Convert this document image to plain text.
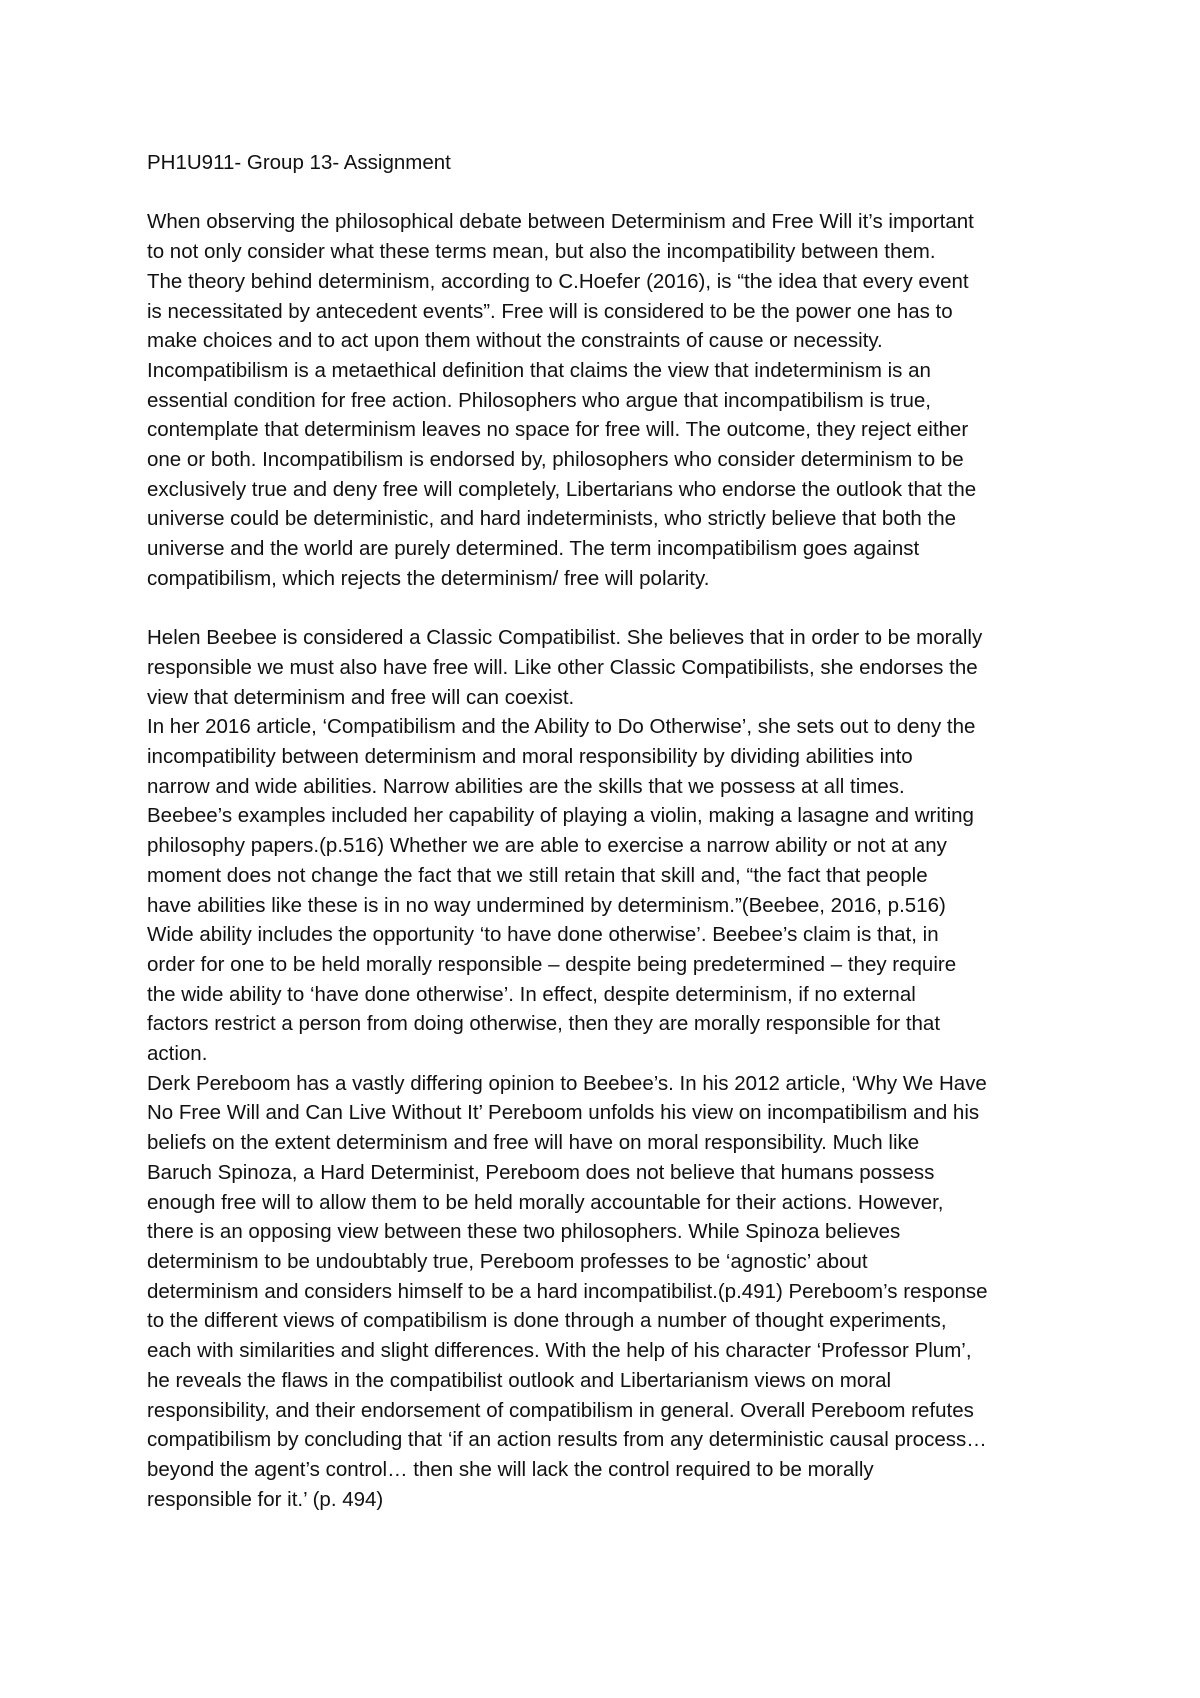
PH1U911- Group 13- Assignment
When observing the philosophical debate between Determinism and Free Will it’s important
to not only consider what these terms mean, but also the incompatibility between them.
The theory behind determinism, according to C.Hoefer (2016), is “the idea that every event
is necessitated by antecedent events”. Free will is considered to be the power one has to
make choices and to act upon them without the constraints of cause or necessity.
Incompatibilism is a metaethical definition that claims the view that indeterminism is an
essential condition for free action. Philosophers who argue that incompatibilism is true,
contemplate that determinism leaves no space for free will. The outcome, they reject either
one or both. Incompatibilism is endorsed by, philosophers who consider determinism to be
exclusively true and deny free will completely, Libertarians who endorse the outlook that the
universe could be deterministic, and hard indeterminists, who strictly believe that both the
universe and the world are purely determined. The term incompatibilism goes against
compatibilism, which rejects the determinism/ free will polarity.
Helen Beebee is considered a Classic Compatibilist. She believes that in order to be morally
responsible we must also have free will. Like other Classic Compatibilists, she endorses the
view that determinism and free will can coexist.
In her 2016 article, ‘Compatibilism and the Ability to Do Otherwise’, she sets out to deny the
incompatibility between determinism and moral responsibility by dividing abilities into
narrow and wide abilities. Narrow abilities are the skills that we possess at all times.
Beebee’s examples included her capability of playing a violin, making a lasagne and writing
philosophy papers.(p.516) Whether we are able to exercise a narrow ability or not at any
moment does not change the fact that we still retain that skill and, “the fact that people
have abilities like these is in no way undermined by determinism.”(Beebee, 2016, p.516)
Wide ability includes the opportunity ‘to have done otherwise’. Beebee’s claim is that, in
order for one to be held morally responsible – despite being predetermined – they require
the wide ability to ‘have done otherwise’. In effect, despite determinism, if no external
factors restrict a person from doing otherwise, then they are morally responsible for that
action.
Derk Pereboom has a vastly differing opinion to Beebee’s. In his 2012 article, ‘Why We Have
No Free Will and Can Live Without It’ Pereboom unfolds his view on incompatibilism and his
beliefs on the extent determinism and free will have on moral responsibility. Much like
Baruch Spinoza, a Hard Determinist, Pereboom does not believe that humans possess
enough free will to allow them to be held morally accountable for their actions. However,
there is an opposing view between these two philosophers. While Spinoza believes
determinism to be undoubtably true, Pereboom professes to be ‘agnostic’ about
determinism and considers himself to be a hard incompatibilist.(p.491) Pereboom’s response
to the different views of compatibilism is done through a number of thought experiments,
each with similarities and slight differences. With the help of his character ‘Professor Plum’,
he reveals the flaws in the compatibilist outlook and Libertarianism views on moral
responsibility, and their endorsement of compatibilism in general. Overall Pereboom refutes
compatibilism by concluding that ‘if an action results from any deterministic causal process…
beyond the agent’s control… then she will lack the control required to be morally
responsible for it.’ (p. 494)
